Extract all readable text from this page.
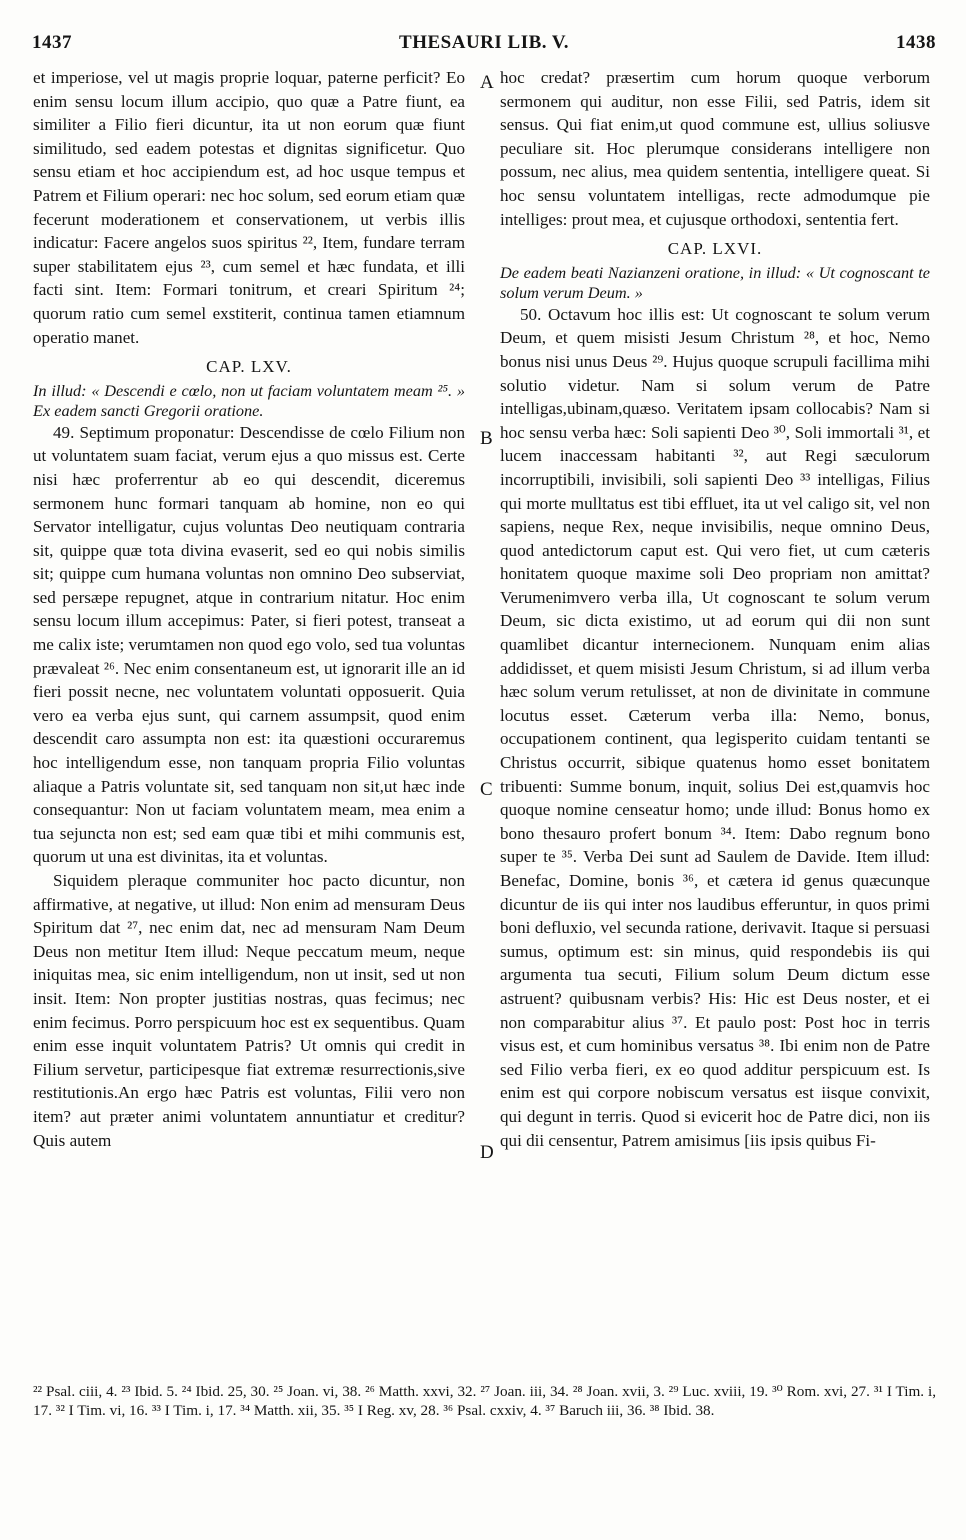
1437	THESAURI LIB. V.	1438
A
B
C
D

et imperiose, vel ut magis proprie loquar, paterne perficit? Eo enim sensu locum illum accipio, quo quæ a Patre fiunt, ea similiter a Filio fieri dicuntur, ita ut non eorum quæ fiunt similitudo, sed eadem potestas et dignitas significetur. Quo sensu etiam et hoc accipiendum est, ad hoc usque tempus et Patrem et Filium operari: nec hoc solum, sed eorum etiam quæ fecerunt moderationem et conservationem, ut verbis illis indicatur: Facere angelos suos spiritus ²², Item, fundare terram super stabilitatem ejus ²³, cum semel et hæc fundata, et illi facti sint. Item: Formari tonitrum, et creari Spiritum ²⁴; quorum ratio cum semel exstiterit, continua tamen etiamnum operatio manet.

CAP. LXV.

In illud: « Descendi e cœlo, non ut faciam voluntatem meam ²⁵. » Ex eadem sancti Gregorii oratione.

49. Septimum proponatur: Descendisse de cœlo Filium non ut voluntatem suam faciat, verum ejus a quo missus est. Certe nisi hæc proferrentur ab eo qui descendit, diceremus sermonem hunc formari tanquam ab homine, non eo qui Servator intelligatur, cujus voluntas Deo neutiquam contraria sit, quippe quæ tota divina evaserit, sed eo qui nobis similis sit; quippe cum humana voluntas non omnino Deo subserviat, sed persæpe repugnet, atque in contrarium nitatur. Hoc enim sensu locum illum accepimus: Pater, si fieri potest, transeat a me calix iste; verumtamen non quod ego volo, sed tua voluntas prævaleat ²⁶. Nec enim consentaneum est, ut ignorarit ille an id fieri possit necne, nec voluntatem voluntati opposuerit. Quia vero ea verba ejus sunt, qui carnem assumpsit, quod enim descendit caro assumpta non est: ita quæstioni occuraremus hoc intelligendum esse, non tanquam propria Filio voluntas aliaque a Patris voluntate sit, sed tanquam non sit,ut hæc inde consequantur: Non ut faciam voluntatem meam, mea enim a tua sejuncta non est; sed eam quæ tibi et mihi communis est, quorum ut una est divinitas, ita et voluntas.

Siquidem pleraque communiter hoc pacto dicuntur, non affirmative, at negative, ut illud: Non enim ad mensuram Deus Spiritum dat ²⁷, nec enim dat, nec ad mensuram Nam Deum Deus non metitur Item illud: Neque peccatum meum, neque iniquitas mea, sic enim intelligendum, non ut insit, sed ut non insit. Item: Non propter justitias nostras, quas fecimus; nec enim fecimus. Porro perspicuum hoc est ex sequentibus. Quam enim esse inquit voluntatem Patris? Ut omnis qui credit in Filium servetur, participesque fiat extremæ resurrectionis,sive restitutionis.An ergo hæc Patris est voluntas, Filii vero non item? aut præter animi voluntatem annuntiatur et creditur? Quis autem

hoc credat? præsertim cum horum quoque verborum sermonem qui auditur, non esse Filii, sed Patris, idem sit sensus. Qui fiat enim,ut quod commune est, ullius soliusve peculiare sit. Hoc plerumque considerans intelligere non possum, nec alius, mea quidem sententia, intelligere queat. Si hoc sensu voluntatem intelligas, recte admodumque pie intelliges: prout mea, et cujusque orthodoxi, sententia fert.

CAP. LXVI.

De eadem beati Nazianzeni oratione, in illud: « Ut cognoscant te solum verum Deum. »

50. Octavum hoc illis est: Ut cognoscant te solum verum Deum, et quem misisti Jesum Christum ²⁸, et hoc, Nemo bonus nisi unus Deus ²⁹. Hujus quoque scrupuli facillima mihi solutio videtur. Nam si solum verum de Patre intelligas,ubinam,quæso. Veritatem ipsam collocabis? Nam si hoc sensu verba hæc: Soli sapienti Deo ³⁰, Soli immortali ³¹, et lucem inaccessam habitanti ³², aut Regi sæculorum incorruptibili, invisibili, soli sapienti Deo ³³ intelligas, Filius qui morte mulltatus est tibi effluet, ita ut vel caligo sit, vel non sapiens, neque Rex, neque invisibilis, neque omnino Deus, quod antedictorum caput est. Qui vero fiet, ut cum cæteris honitatem quoque maxime soli Deo propriam non amittat? Verumenimvero verba illa, Ut cognoscant te solum verum Deum, sic dicta existimo, ut ad eorum qui dii non sunt quamlibet dicantur internecionem. Nunquam enim alias addidisset, et quem misisti Jesum Christum, si ad illum verba hæc solum verum retulisset, at non de divinitate in commune locutus esset. Cæterum verba illa: Nemo, bonus, occupationem continent, qua legisperito cuidam tentanti se Christus occurrit, sibique quatenus homo esset bonitatem tribuenti: Summe bonum, inquit, solius Dei est,quamvis hoc quoque nomine censeatur homo; unde illud: Bonus homo ex bono thesauro profert bonum ³⁴. Item: Dabo regnum bono super te ³⁵. Verba Dei sunt ad Saulem de Davide. Item illud: Benefac, Domine, bonis ³⁶, et cætera id genus quæcunque dicuntur de iis qui inter nos laudibus efferuntur, in quos primi boni defluxio, vel secunda ratione, derivavit. Itaque si persuasi sumus, optimum est: sin minus, quid respondebis iis qui argumenta tua secuti, Filium solum Deum dictum esse astruent? quibusnam verbis? His: Hic est Deus noster, et ei non comparabitur alius ³⁷. Et paulo post: Post hoc in terris visus est, et cum hominibus versatus ³⁸. Ibi enim non de Patre sed Filio verba fieri, ex eo quod additur perspicuum est. Is enim est qui corpore nobiscum versatus est iisque convixit, qui degunt in terris. Quod si evicerit hoc de Patre dici, non iis qui dii censentur, Patrem amisimus [iis ipsis quibus Fi-

²² Psal. ciii, 4. ²³ Ibid. 5. ²⁴ Ibid. 25, 30. ²⁵ Joan. vi, 38. ²⁶ Matth. xxvi, 32. ²⁷ Joan. iii, 34. ²⁸ Joan. xvii, 3. ²⁹ Luc. xviii, 19. ³⁰ Rom. xvi, 27. ³¹ I Tim. i, 17. ³² I Tim. vi, 16. ³³ I Tim. i, 17. ³⁴ Matth. xii, 35. ³⁵ I Reg. xv, 28. ³⁶ Psal. cxxiv, 4. ³⁷ Baruch iii, 36. ³⁸ Ibid. 38.
